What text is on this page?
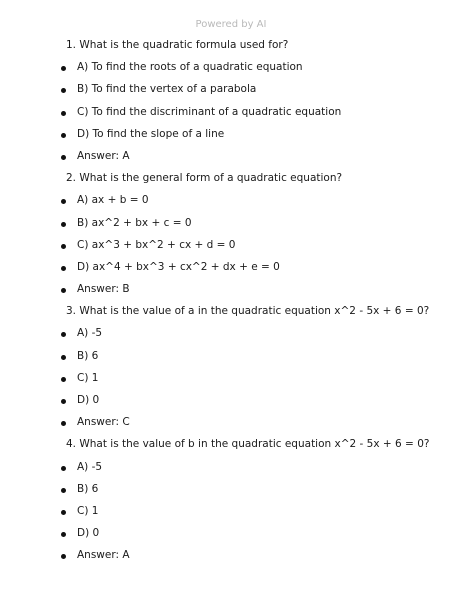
Powered by AI
1. What is the quadratic formula used for?
A) To find the roots of a quadratic equation
B) To find the vertex of a parabola
C) To find the discriminant of a quadratic equation
D) To find the slope of a line
Answer: A
2. What is the general form of a quadratic equation?
A) ax + b = 0
B) ax^2 + bx + c = 0
C) ax^3 + bx^2 + cx + d = 0
D) ax^4 + bx^3 + cx^2 + dx + e = 0
Answer: B
3. What is the value of a in the quadratic equation x^2 - 5x + 6 = 0?
A) -5
B) 6
C) 1
D) 0
Answer: C
4. What is the value of b in the quadratic equation x^2 - 5x + 6 = 0?
A) -5
B) 6
C) 1
D) 0
Answer: A
